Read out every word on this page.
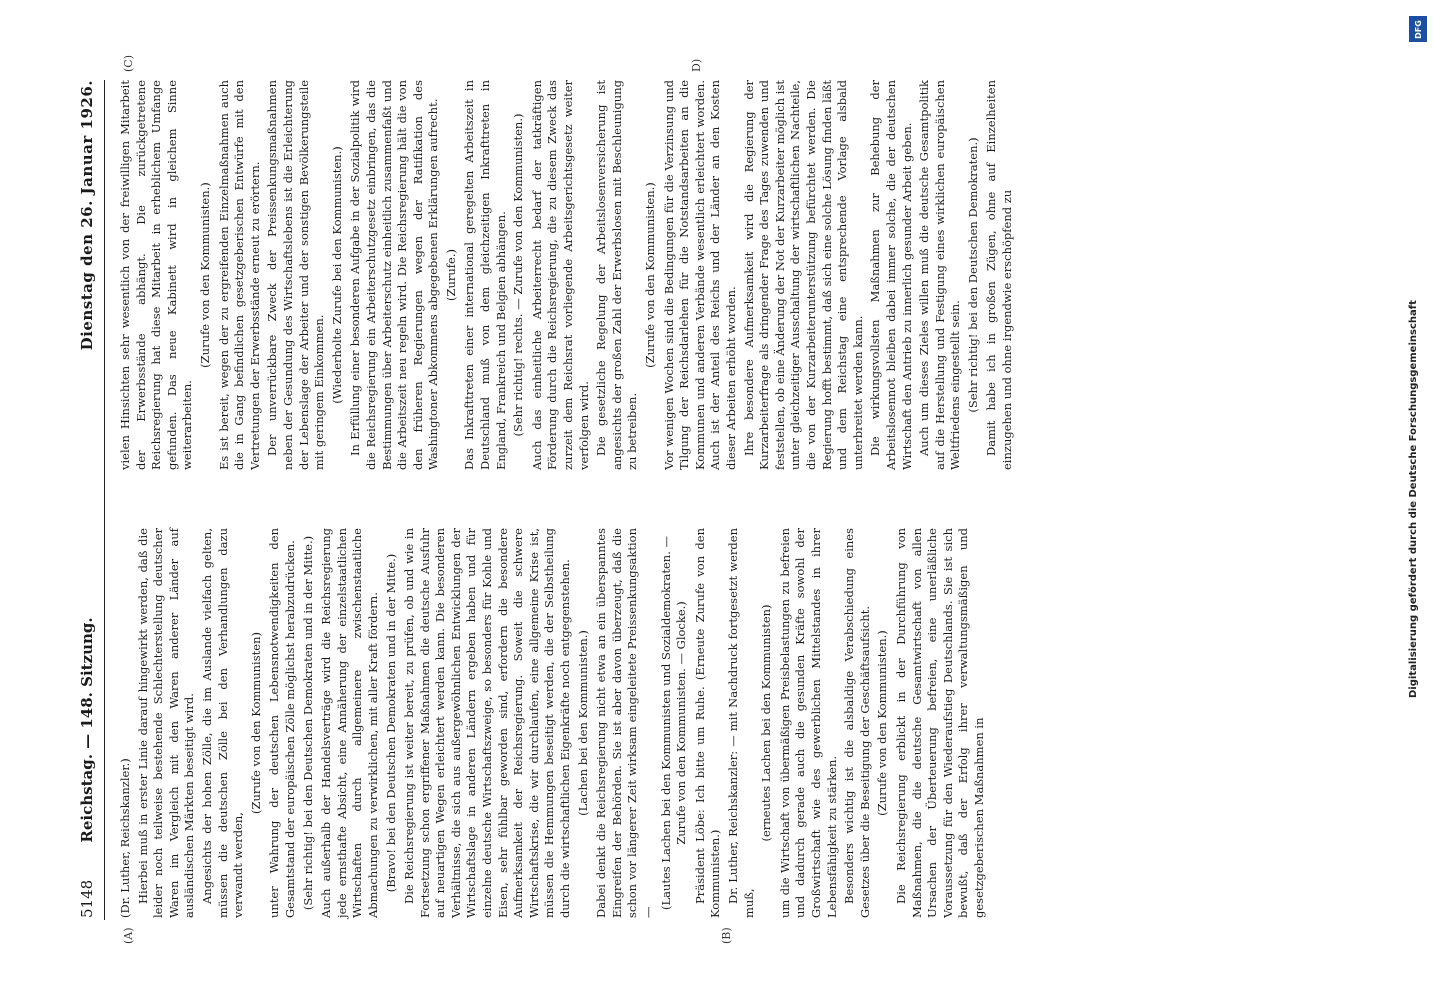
5148
Reichstag. — 148. Sitzung.
Dienstag den 26. Januar 1926.
(A)	(B)
(C)	D)

(Dr. Luther, Reichskanzler.) Hierbei muß in erster Linie darauf hingewirkt werden, daß die leider noch teilweise bestehende Schlechterstellung deutscher Waren im Vergleich mit den Waren anderer Länder auf ausländischen Märkten beseitigt wird. Angesichts der hohen Zölle, die im Auslande vielfach gelten, müssen die deutschen Zölle bei den Verhandlungen dazu verwandt werden,

(Zurufe von den Kommunisten) unter Wahrung der deutschen Lebensnotwendigkeiten den Gesamtstand der europäischen Zölle möglichst herabzudrücken. (Sehr richtig! bei den Deutschen Demokraten und in der Mitte.) Auch außerhalb der Handelsverträge wird die Reichsregierung jede ernsthafte Absicht, eine Annäherung der einzelstaatlichen Wirtschaften durch allgemeinere zwischenstaatliche Abmachungen zu verwirklichen, mit aller Kraft fördern. (Bravo! bei den Deutschen Demokraten und in der Mitte.) Die Reichsregierung ist weiter bereit, zu prüfen, ob und wie in Fortsetzung schon ergriffener Maßnahmen die deutsche Ausfuhr auf neuartigen Wegen erleichtert werden kann. Die besonderen Verhältnisse, die sich aus außergewöhnlichen Entwicklungen der Wirtschaftslage in anderen Ländern ergeben haben und für einzelne deutsche Wirtschaftszweige, so besonders für Kohle und Eisen, sehr fühlbar geworden sind, erfordern die besondere Aufmerksamkeit der Reichsregierung. Soweit die schwere Wirtschaftskrise, die wir durchlaufen, eine allgemeine Krise ist, müssen die Hemmungen beseitigt werden, die der Selbstheilung durch die wirtschaftlichen Eigenkräfte noch entgegenstehen. (Lachen bei den Kommunisten.) Dabei denkt die Reichsregierung nicht etwa an ein überspanntes Eingreifen der Behörden. Sie ist aber davon überzeugt, daß die schon vor längerer Zeit wirksam eingeleitete Preissenkungsaktion —

(Lautes Lachen bei den Kommunisten und Sozialdemokraten. — Zurufe von den Kommunisten. — Glocke.) Präsident Löbe: Ich bitte um Ruhe. (Erneute Zurufe von den Kommunisten.) Dr. Luther, Reichskanzler: — mit Nachdruck fortgesetzt werden muß,

(erneutes Lachen bei den Kommunisten) um die Wirtschaft von übermäßigen Preisbelastungen zu befreien und dadurch gerade auch die gesunden Kräfte sowohl der Großwirtschaft wie des gewerblichen Mittelstandes in ihrer Lebensfähigkeit zu stärken. Besonders wichtig ist die alsbaldige Verabschiedung eines Gesetzes über die Beseitigung der Geschäftsaufsicht. (Zurufe von den Kommunisten.) Die Reichsregierung erblickt in der Durchführung von Maßnahmen, die die deutsche Gesamtwirtschaft von allen Ursachen der Überteuerung befreien, eine unerläßliche Voraussetzung für den Wiederaufstieg Deutschlands. Sie ist sich bewußt, daß der Erfolg ihrer verwaltungsmäßigen und gesetzgeberischen Maßnahmen in

vielen Hinsichten sehr wesentlich von der freiwilligen Mitarbeit der Erwerbsstände abhängt. Die zurückgetretene Reichsregierung hat diese Mitarbeit in erheblichem Umfange gefunden. Das neue Kabinett wird in gleichem Sinne weiterarbeiten.

(Zurufe von den Kommunisten.) Es ist bereit, wegen der zu ergreifenden Einzelmaßnahmen auch die in Gang befindlichen gesetzgeberischen Entwürfe mit den Vertretungen der Erwerbsstände erneut zu erörtern. Der unverrückbare Zweck der Preissenkungsmaßnahmen neben der Gesundung des Wirtschaftslebens ist die Erleichterung der Lebenslage der Arbeiter und der sonstigen Bevölkerungsteile mit geringem Einkommen. (Wiederholte Zurufe bei den Kommunisten.) In Erfüllung einer besonderen Aufgabe in der Sozialpolitik wird die Reichsregierung ein Arbeiterschutzgesetz einbringen, das die Bestimmungen über Arbeiterschutz einheitlich zusammenfaßt und die Arbeitszeit neu regeln wird. Die Reichsregierung hält die von den früheren Regierungen wegen der Ratifikation des Washingtoner Abkommens abgegebenen Erklärungen aufrecht. (Zurufe.) Das Inkrafttreten einer international geregelten Arbeitszeit in Deutschland muß von dem gleichzeitigen Inkrafttreten in England, Frankreich und Belgien abhängen. (Sehr richtig! rechts. — Zurufe von den Kommunisten.) Auch das einheitliche Arbeiterrecht bedarf der tatkräftigen Förderung durch die Reichsregierung, die zu diesem Zweck das zurzeit dem Reichsrat vorliegende Arbeitsgerichtsgesetz weiter verfolgen wird. Die gesetzliche Regelung der Arbeitslosenversicherung ist angesichts der großen Zahl der Erwerbslosen mit Beschleunigung zu betreiben.

(Zurufe von den Kommunisten.) Vor wenigen Wochen sind die Bedingungen für die Verzinsung und Tilgung der Reichsdarlehen für die Notstandsarbeiten an die Kommunen und anderen Verbände wesentlich erleichtert worden. Auch ist der Anteil des Reichs und der Länder an den Kosten dieser Arbeiten erhöht worden. Ihre besondere Aufmerksamkeit wird die Regierung der Kurzarbeiterfrage als dringender Frage des Tages zuwenden und feststellen, ob eine Änderung der Not der Kurzarbeiter möglich ist unter gleichzeitiger Ausschaltung der wirtschaftlichen Nachteile, die von der Kurzarbeiterunterstützung befürchtet werden. Die Regierung hofft bestimmt, daß sich eine solche Lösung finden läßt und dem Reichstag eine entsprechende Vorlage alsbald unterbreitet werden kann. Die wirkungsvollsten Maßnahmen zur Behebung der Arbeitslosennot bleiben dabei immer solche, die der deutschen Wirtschaft den Antrieb zu innerlich gesunder Arbeit geben. Auch um dieses Zieles willen muß die deutsche Gesamtpolitik auf die Herstellung und Festigung eines wirklichen europäischen Weltfriedens eingestellt sein. (Sehr richtig! bei den Deutschen Demokraten.) Damit habe ich in großen Zügen, ohne auf Einzelheiten einzugehen und ohne irgendwie erschöpfend zu

DFG
Digitalisierung gefördert durch die Deutsche Forschungsgemeinschaft
